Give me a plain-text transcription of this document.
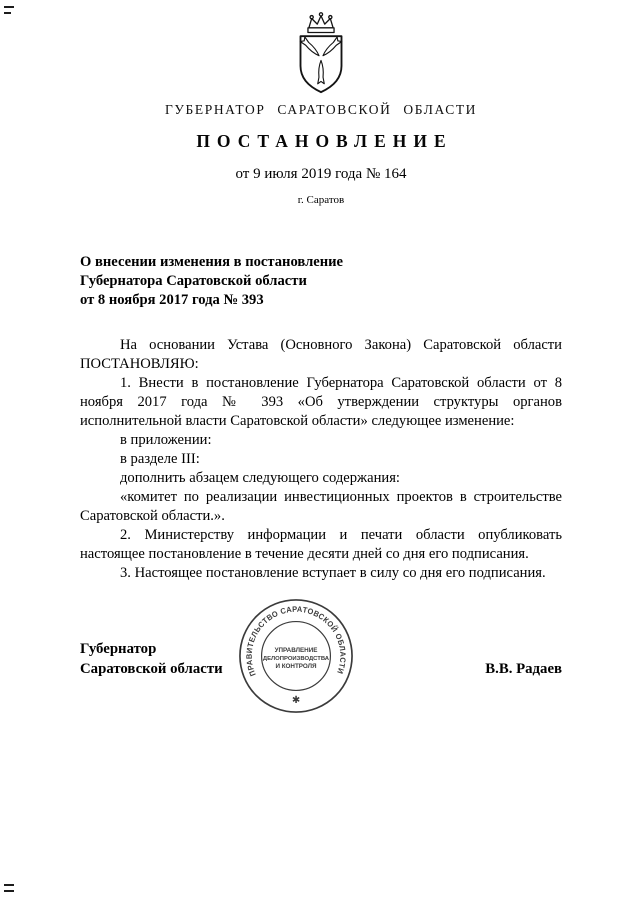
ГУБЕРНАТОР САРАТОВСКОЙ ОБЛАСТИ
ПОСТАНОВЛЕНИЕ
от 9 июля 2019 года № 164
г. Саратов
О внесении изменения в постановление
Губернатора Саратовской области
от 8 ноября 2017 года № 393

На основании Устава (Основного Закона) Саратовской области ПОСТАНОВЛЯЮ:

1. Внести в постановление Губернатора Саратовской области от 8 ноября 2017 года № 393 «Об утверждении структуры органов исполнительной власти Саратовской области» следующее изменение:

в приложении:

в разделе III:

дополнить абзацем следующего содержания:

«комитет по реализации инвестиционных проектов в строительстве Саратовской области.».

2. Министерству информации и печати области опубликовать настоящее постановление в течение десяти дней со дня его подписания.

3. Настоящее постановление вступает в силу со дня его подписания.

Губернатор
Саратовской области	В.В. Радаев
ПРАВИТЕЛЬСТВО САРАТОВСКОЙ ОБЛАСТИ
✱
УПРАВЛЕНИЕ
ДЕЛОПРОИЗВОДСТВА
И КОНТРОЛЯ
